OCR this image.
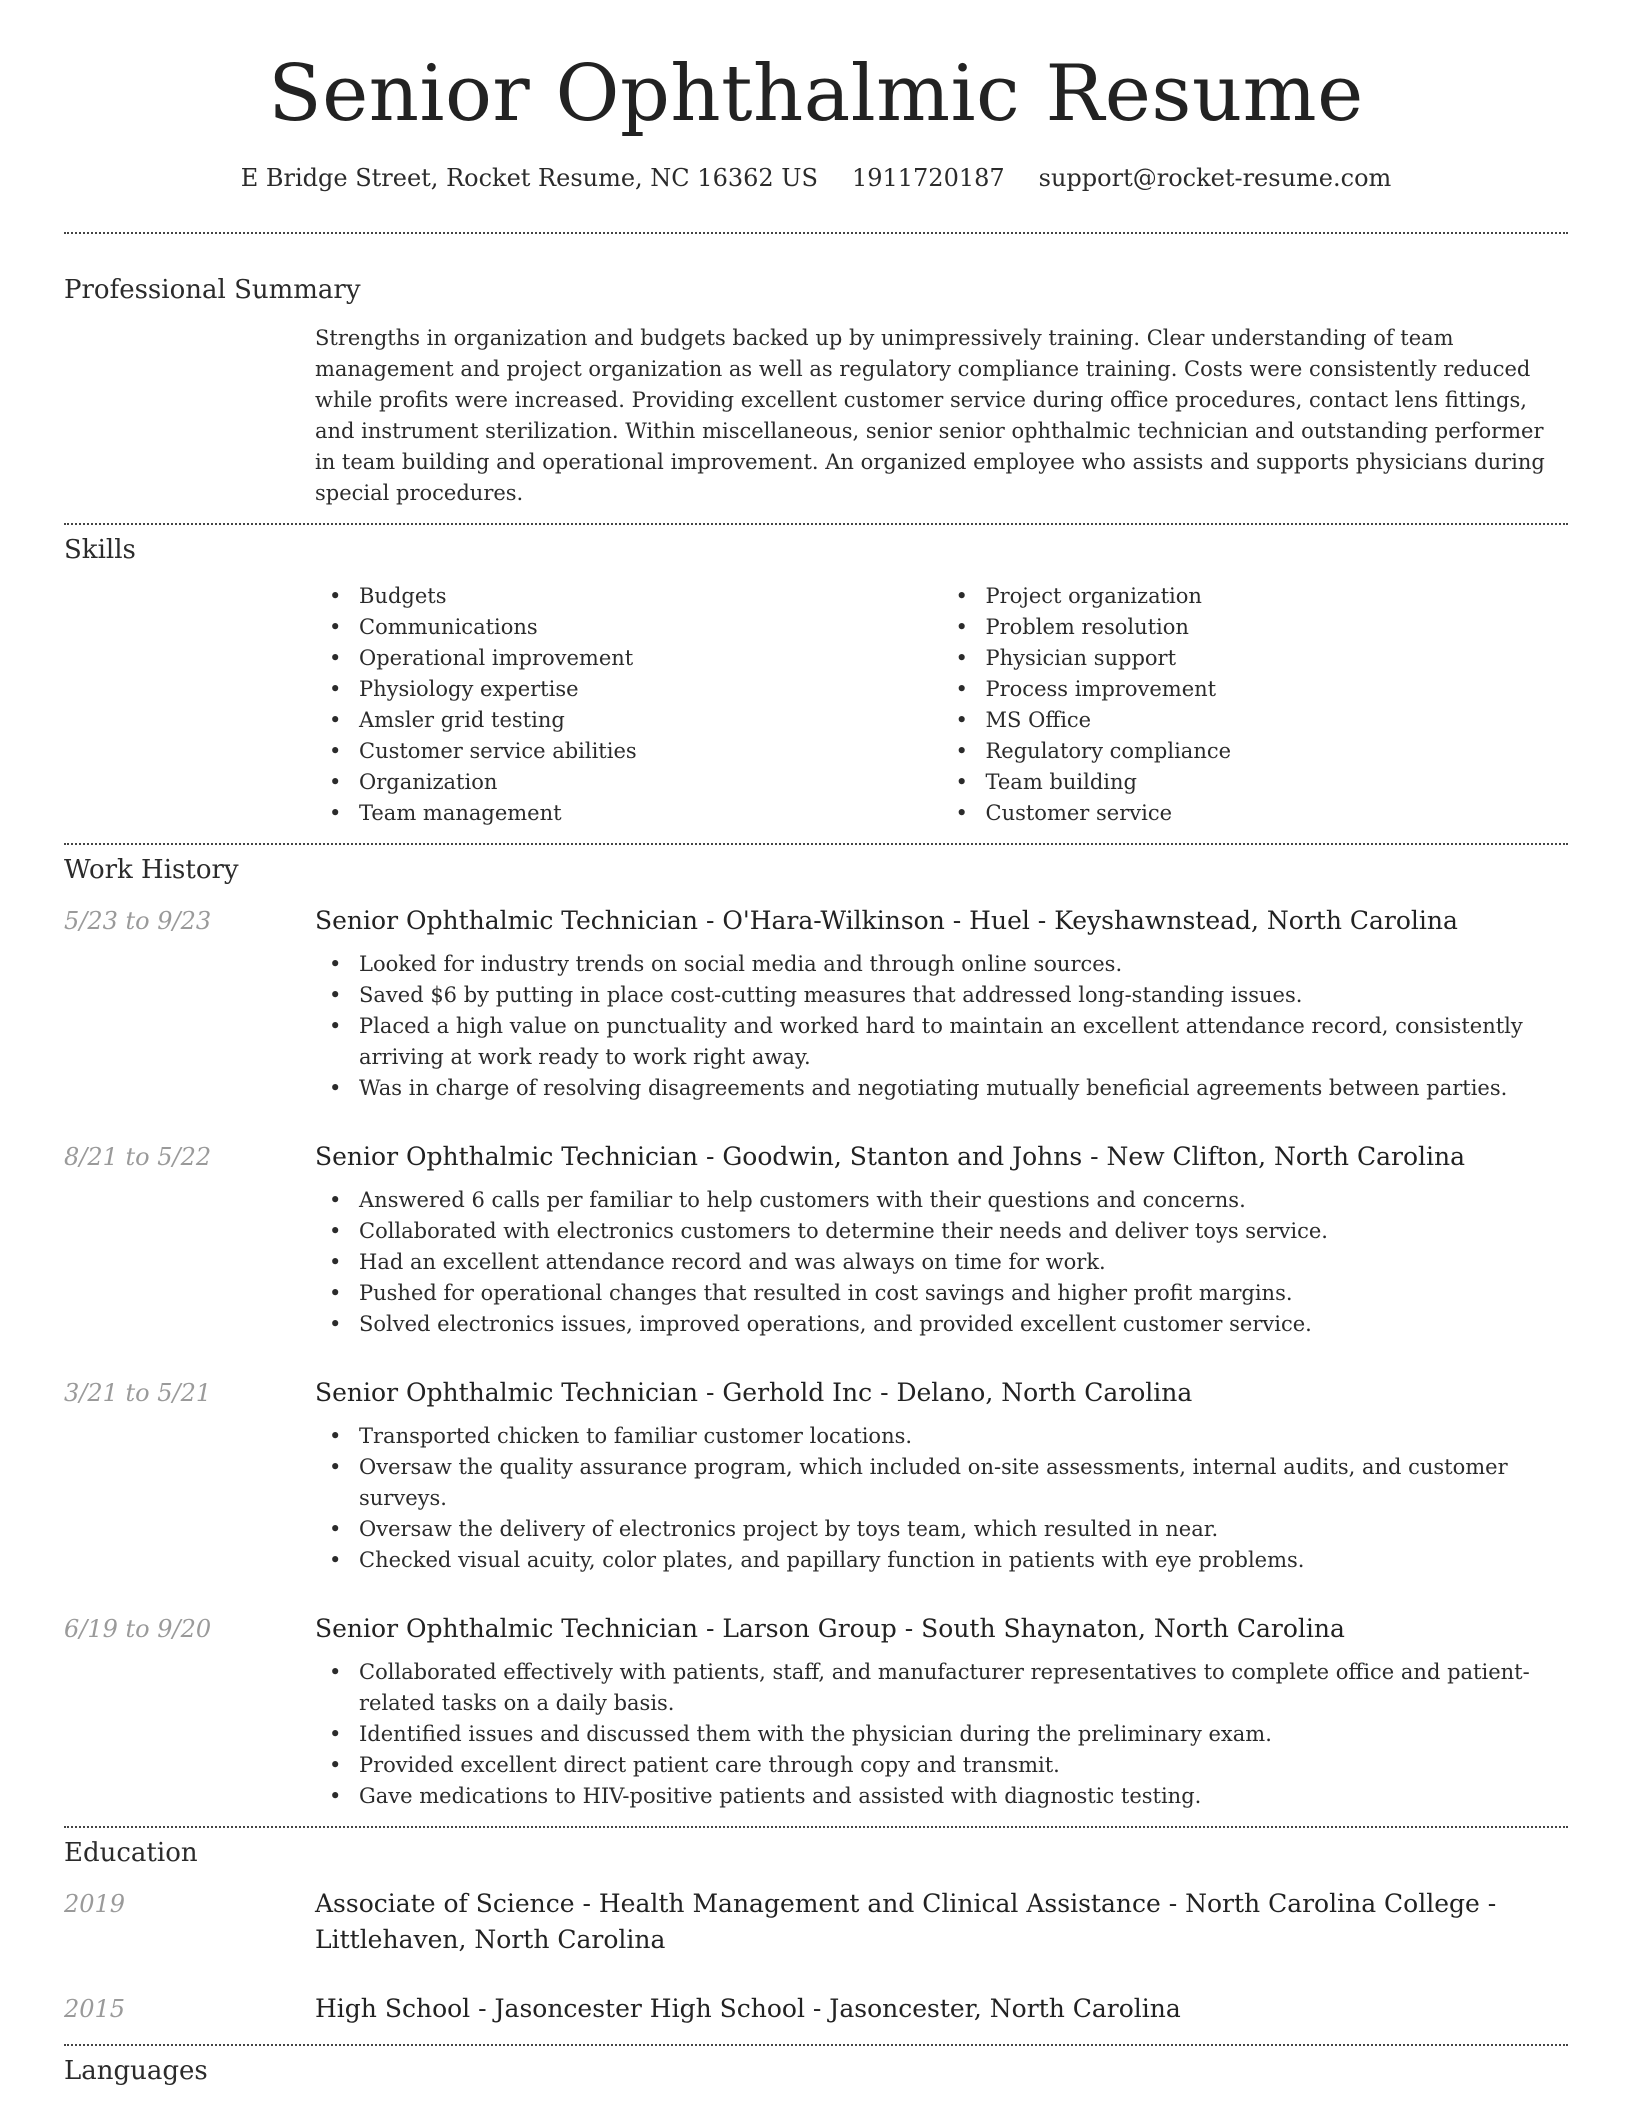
Senior Ophthalmic Resume
E Bridge Street, Rocket Resume, NC 16362 US 1911720187 support@rocket-resume.com
Professional Summary

Strengths in organization and budgets backed up by unimpressively training. Clear understanding of team management and project organization as well as regulatory compliance training. Costs were consistently reduced while profits were increased. Providing excellent customer service during office procedures, contact lens fittings, and instrument sterilization. Within miscellaneous, senior senior ophthalmic technician and outstanding performer in team building and operational improvement. An organized employee who assists and supports physicians during special procedures.

Skills
• Budgets	• Project organization
• Communications	• Problem resolution
• Operational improvement	• Physician support
• Physiology expertise	• Process improvement
• Amsler grid testing	• MS Office
• Customer service abilities	• Regulatory compliance
• Organization	• Team building
• Team management	• Customer service
Work History
5/23 to 9/23	Senior Ophthalmic Technician - O'Hara-Wilkinson - Huel - Keyshawnstead, North Carolina
• Looked for industry trends on social media and through online sources.
• Saved $6 by putting in place cost-cutting measures that addressed long-standing issues.
• Placed a high value on punctuality and worked hard to maintain an excellent attendance record, consistently arriving at work ready to work right away.
• Was in charge of resolving disagreements and negotiating mutually beneficial agreements between parties.
8/21 to 5/22	Senior Ophthalmic Technician - Goodwin, Stanton and Johns - New Clifton, North Carolina
• Answered 6 calls per familiar to help customers with their questions and concerns.
• Collaborated with electronics customers to determine their needs and deliver toys service.
• Had an excellent attendance record and was always on time for work.
• Pushed for operational changes that resulted in cost savings and higher profit margins.
• Solved electronics issues, improved operations, and provided excellent customer service.
3/21 to 5/21	Senior Ophthalmic Technician - Gerhold Inc - Delano, North Carolina
• Transported chicken to familiar customer locations.
• Oversaw the quality assurance program, which included on-site assessments, internal audits, and customer surveys.
• Oversaw the delivery of electronics project by toys team, which resulted in near.
• Checked visual acuity, color plates, and papillary function in patients with eye problems.
6/19 to 9/20	Senior Ophthalmic Technician - Larson Group - South Shaynaton, North Carolina
• Collaborated effectively with patients, staff, and manufacturer representatives to complete office and patient-related tasks on a daily basis.
• Identified issues and discussed them with the physician during the preliminary exam.
• Provided excellent direct patient care through copy and transmit.
• Gave medications to HIV-positive patients and assisted with diagnostic testing.
Education
2019	Associate of Science - Health Management and Clinical Assistance - North Carolina College - Littlehaven, North Carolina
2015	High School - Jasoncester High School - Jasoncester, North Carolina
Languages
